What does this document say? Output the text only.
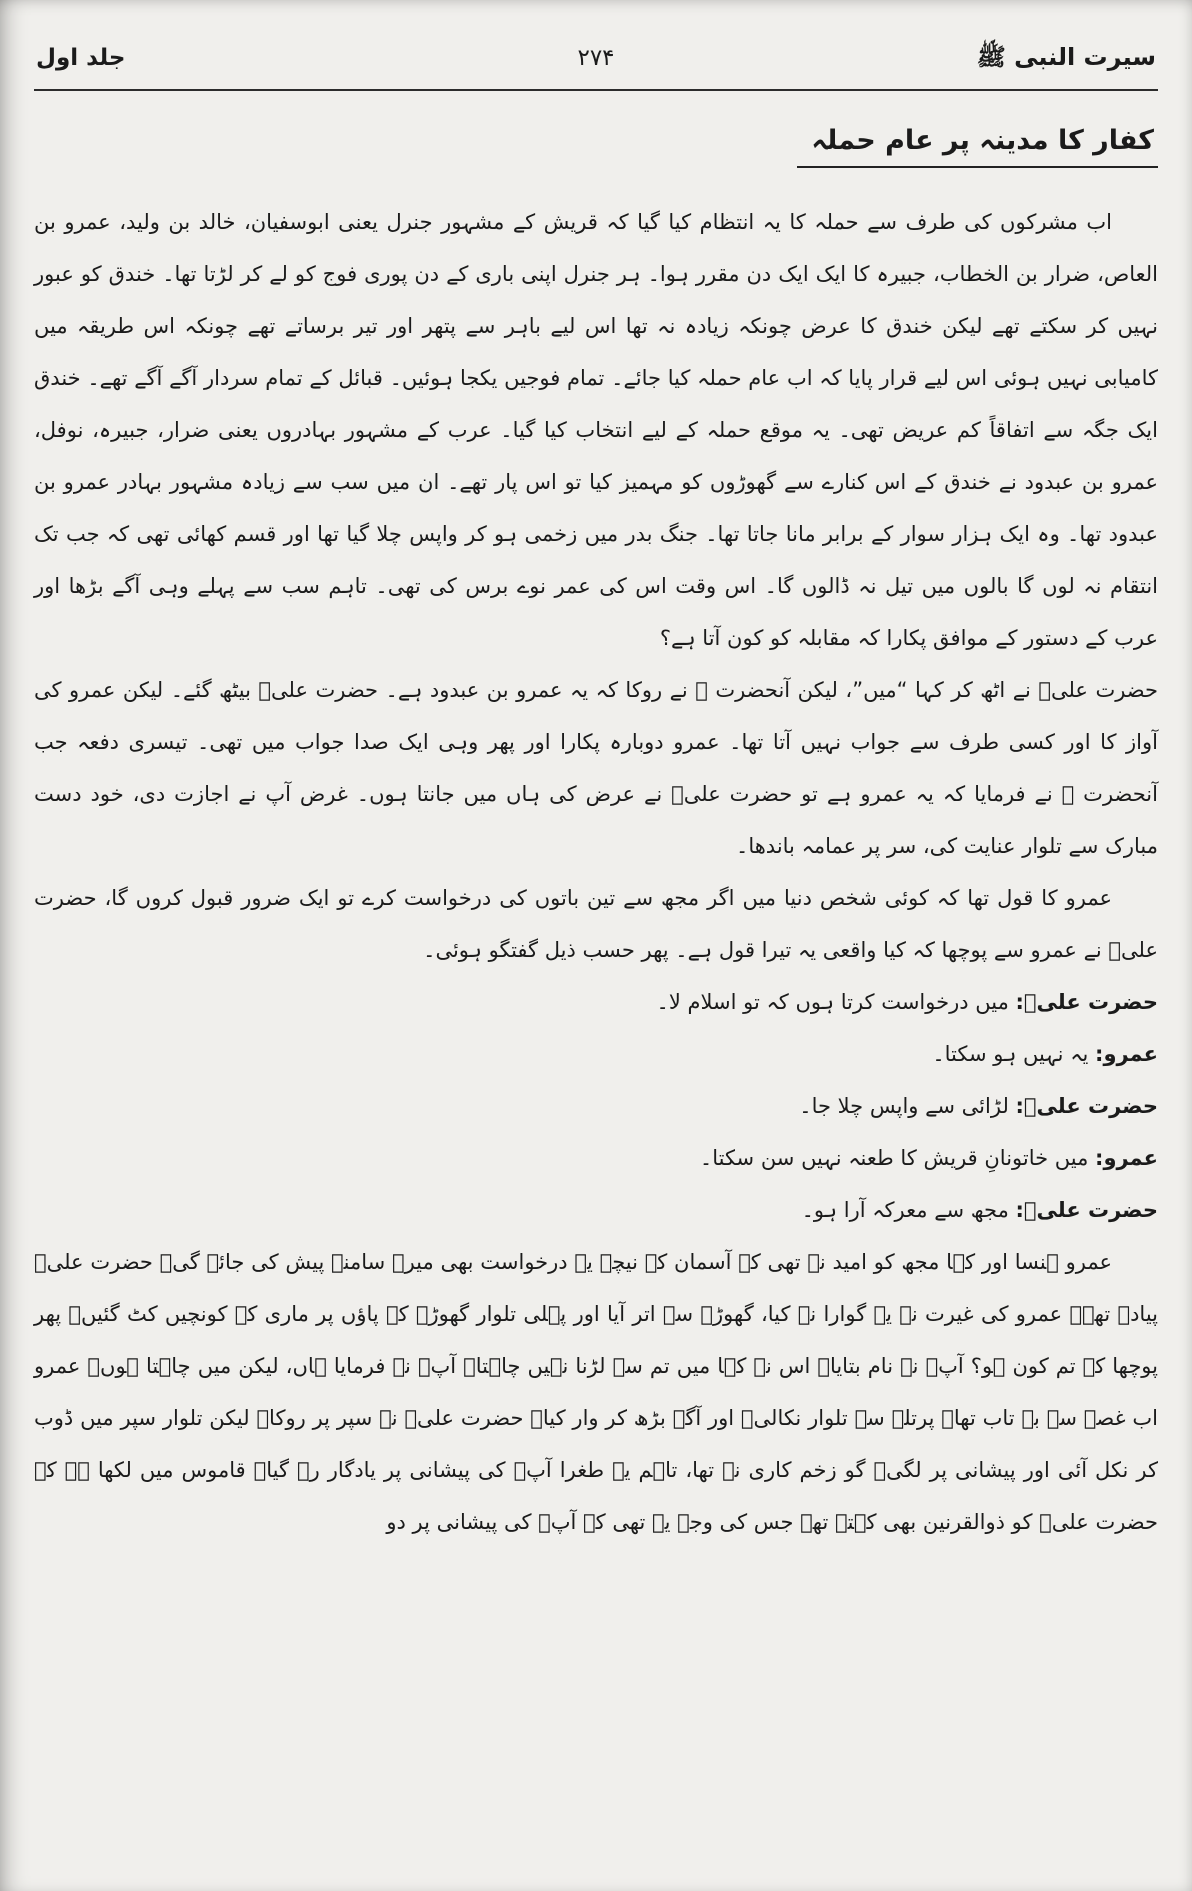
سیرت النبی ﷺ
۲۷۴
جلد اول
کفار کا مدینہ پر عام حملہ

اب مشرکوں کی طرف سے حملہ کا یہ انتظام کیا گیا کہ قریش کے مشہور جنرل یعنی ابوسفیان، خالد بن ولید، عمرو بن العاص، ضرار بن الخطاب، جبیرہ کا ایک ایک دن مقرر ہوا۔ ہر جنرل اپنی باری کے دن پوری فوج کو لے کر لڑتا تھا۔ خندق کو عبور نہیں کر سکتے تھے لیکن خندق کا عرض چونکہ زیادہ نہ تھا اس لیے باہر سے پتھر اور تیر برساتے تھے چونکہ اس طریقہ میں کامیابی نہیں ہوئی اس لیے قرار پایا کہ اب عام حملہ کیا جائے۔ تمام فوجیں یکجا ہوئیں۔ قبائل کے تمام سردار آگے آگے تھے۔ خندق ایک جگہ سے اتفاقاً کم عریض تھی۔ یہ موقع حملہ کے لیے انتخاب کیا گیا۔ عرب کے مشہور بہادروں یعنی ضرار، جبیرہ، نوفل، عمرو بن عبدود نے خندق کے اس کنارے سے گھوڑوں کو مہمیز کیا تو اس پار تھے۔ ان میں سب سے زیادہ مشہور بہادر عمرو بن عبدود تھا۔ وہ ایک ہزار سوار کے برابر مانا جاتا تھا۔ جنگ بدر میں زخمی ہو کر واپس چلا گیا تھا اور قسم کھائی تھی کہ جب تک انتقام نہ لوں گا بالوں میں تیل نہ ڈالوں گا۔ اس وقت اس کی عمر نوے برس کی تھی۔ تاہم سب سے پہلے وہی آگے بڑھا اور عرب کے دستور کے موافق پکارا کہ مقابلہ کو کون آتا ہے؟

حضرت علیؓ نے اٹھ کر کہا “میں”، لیکن آنحضرت ﷺ نے روکا کہ یہ عمرو بن عبدود ہے۔ حضرت علیؓ بیٹھ گئے۔ لیکن عمرو کی آواز کا اور کسی طرف سے جواب نہیں آتا تھا۔ عمرو دوبارہ پکارا اور پھر وہی ایک صدا جواب میں تھی۔ تیسری دفعہ جب آنحضرت ﷺ نے فرمایا کہ یہ عمرو ہے تو حضرت علیؓ نے عرض کی ہاں میں جانتا ہوں۔ غرض آپ نے اجازت دی، خود دست مبارک سے تلوار عنایت کی، سر پر عمامہ باندھا۔

عمرو کا قول تھا کہ کوئی شخص دنیا میں اگر مجھ سے تین باتوں کی درخواست کرے تو ایک ضرور قبول کروں گا، حضرت علیؓ نے عمرو سے پوچھا کہ کیا واقعی یہ تیرا قول ہے۔ پھر حسب ذیل گفتگو ہوئی۔

حضرت علیؓ: میں درخواست کرتا ہوں کہ تو اسلام لا۔

عمرو: یہ نہیں ہو سکتا۔

حضرت علیؓ: لڑائی سے واپس چلا جا۔

عمرو: میں خاتونانِ قریش کا طعنہ نہیں سن سکتا۔

حضرت علیؓ: مجھ سے معرکہ آرا ہو۔

عمرو ہنسا اور کہا مجھ کو امید نہ تھی کہ آسمان کے نیچے یہ درخواست بھی میرے سامنے پیش کی جائے گی۔ حضرت علیؓ پیادہ تھے۔ عمرو کی غیرت نے یہ گوارا نہ کیا، گھوڑے سے اتر آیا اور پہلی تلوار گھوڑے کے پاؤں پر ماری کہ کونچیں کٹ گئیں۔ پھر پوچھا کہ تم کون ہو؟ آپؓ نے نام بتایا۔ اس نے کہا میں تم سے لڑنا نہیں چاہتا۔ آپؓ نے فرمایا ہاں، لیکن میں چاہتا ہوں۔ عمرو اب غصہ سے بے تاب تھا۔ پرتلے سے تلوار نکالی۔ اور آگے بڑھ کر وار کیا۔ حضرت علیؓ نے سپر پر روکا۔ لیکن تلوار سپر میں ڈوب کر نکل آئی اور پیشانی پر لگی۔ گو زخم کاری نہ تھا، تاہم یہ طغرا آپؓ کی پیشانی پر یادگار رہ گیا۔ قاموس میں لکھا ہے کہ حضرت علیؓ کو ذوالقرنین بھی کہتے تھے جس کی وجہ یہ تھی کہ آپؓ کی پیشانی پر دو
